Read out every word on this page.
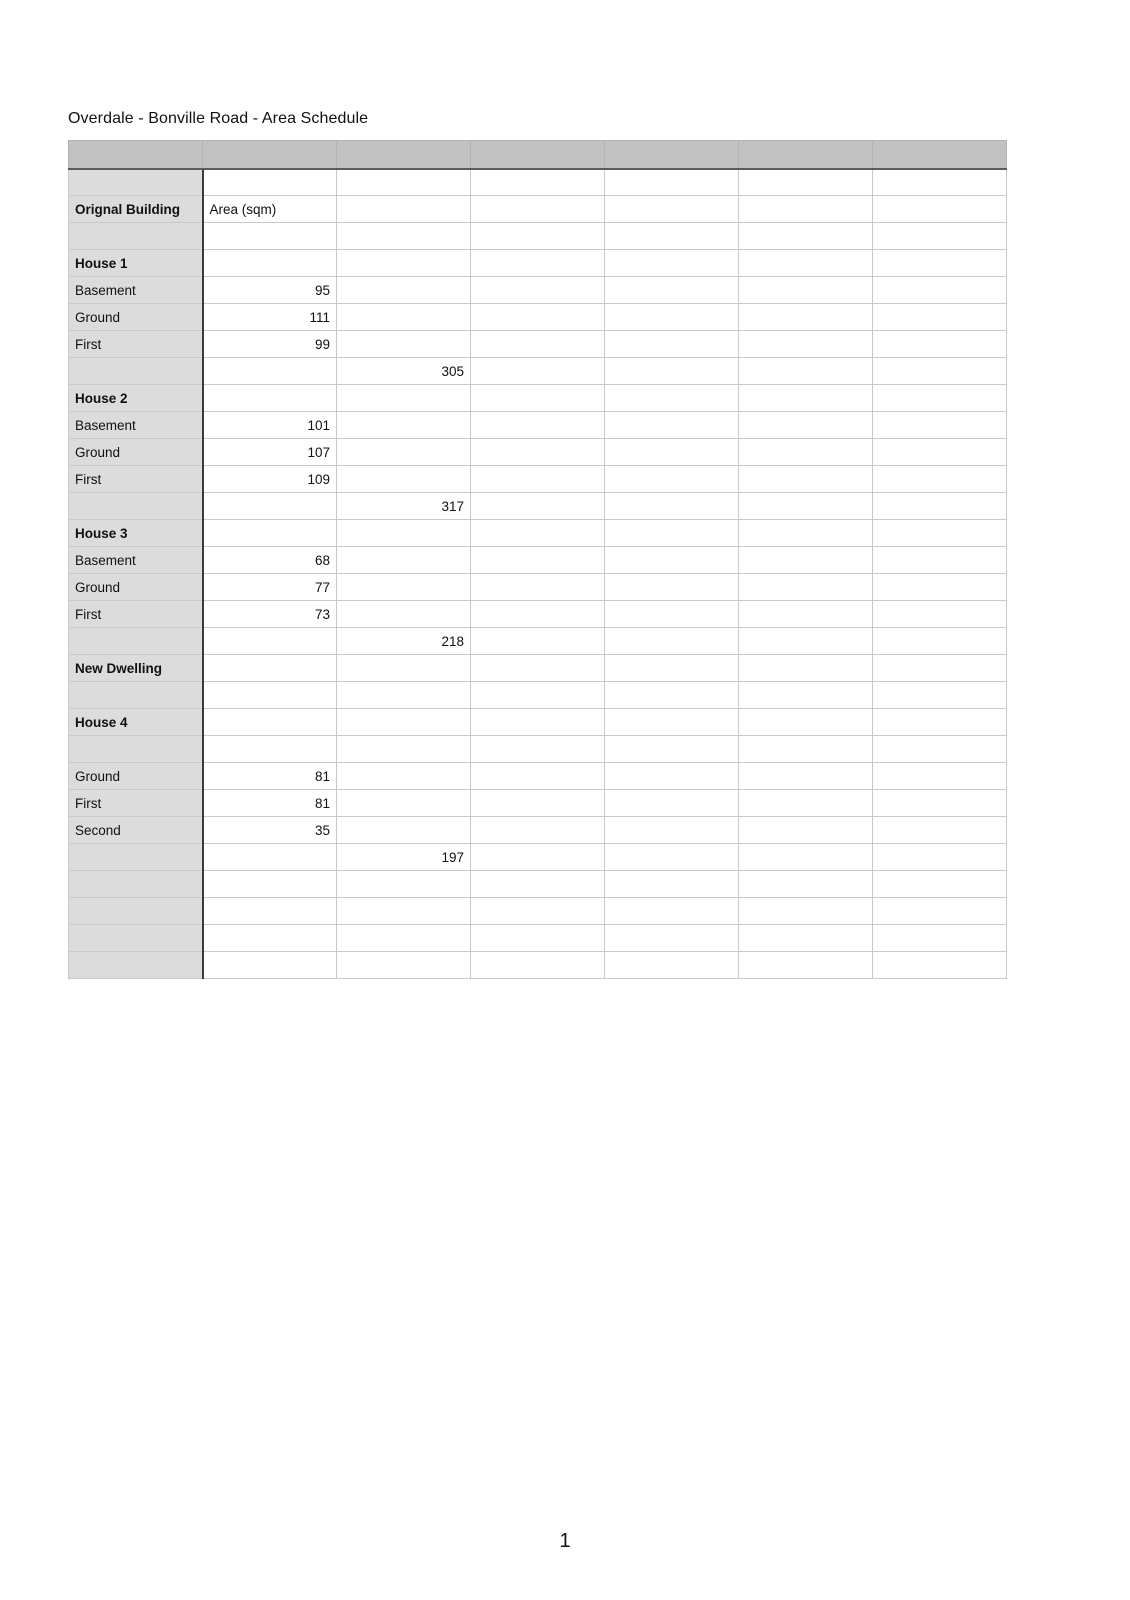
Overdale - Bonville Road - Area Schedule

Orignal Building	Area (sqm)					

House 1						
Basement	95					
Ground	111					
First	99					
		305				
House 2						
Basement	101					
Ground	107					
First	109					
		317				
House 3						
Basement	68					
Ground	77					
First	73					
		218				
New Dwelling						

House 4						

Ground	81					
First	81					
Second	35					
		197				

1
